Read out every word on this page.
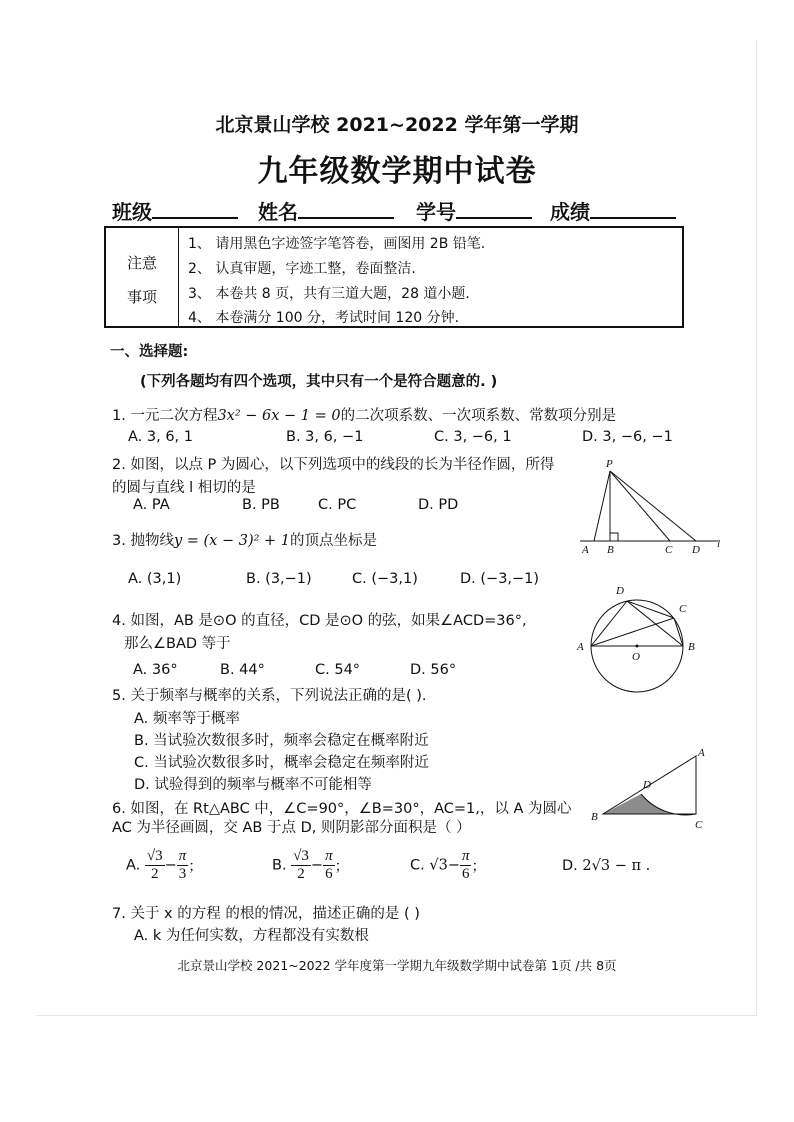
北京景山学校 2021~2022 学年第一学期
九年级数学期中试卷
班级	姓名	学号	成绩
注意
事项
1、 请用黑色字迹签字笔答卷，画图用 2B 铅笔.
2、 认真审题，字迹工整，卷面整洁.
3、 本卷共 8 页，共有三道大题，28 道小题.
4、 本卷满分 100 分，考试时间 120 分钟.
一、选择题:
(下列各题均有四个选项，其中只有一个是符合题意的. )
1. 一元二次方程3x² − 6x − 1 = 0的二次项系数、一次项系数、常数项分别是
A. 3, 6, 1	B. 3, 6, −1	C. 3, −6, 1	D. 3, −6, −1
2. 如图，以点 P 为圆心，以下列选项中的线段的长为半径作圆，所得
的圆与直线 l 相切的是
A. PA	B. PB	C. PC	D. PD
P
A B	C D l
3. 抛物线y = (x − 3)² + 1的顶点坐标是
A. (3,1)	B. (3,−1)	C. (−3,1)	D. (−3,−1)
4. 如图，AB 是⊙O 的直径，CD 是⊙O 的弦，如果∠ACD=36°,
那么∠BAD 等于
A. 36°	B. 44°	C. 54°	D. 56°
D
C
A
O
B
5. 关于频率与概率的关系，下列说法正确的是( ).
A. 频率等于概率
B. 当试验次数很多时，频率会稳定在概率附近
C. 当试验次数很多时，概率会稳定在频率附近
D. 试验得到的频率与概率不可能相等
6. 如图，在 Rt△ABC 中，∠C=90°，∠B=30°，AC=1,，以 A 为圆心
AC 为半径画圆，交 AB 于点 D, 则阴影部分面积是（ ）
A
D
B
C
A. $\frac{√3}{2} - \frac{\pi}{3}$ ；	B. $\frac{√3}{2} - \frac{\pi}{6}$ ；	C. $√3- \frac{\pi}{6}$ ；	D. 2√3 − π .
7. 关于 x 的方程 的根的情况，描述正确的是 ( )
A. k 为任何实数，方程都没有实数根
北京景山学校 2021~2022 学年度第一学期九年级数学期中试卷第 1页 /共 8页
